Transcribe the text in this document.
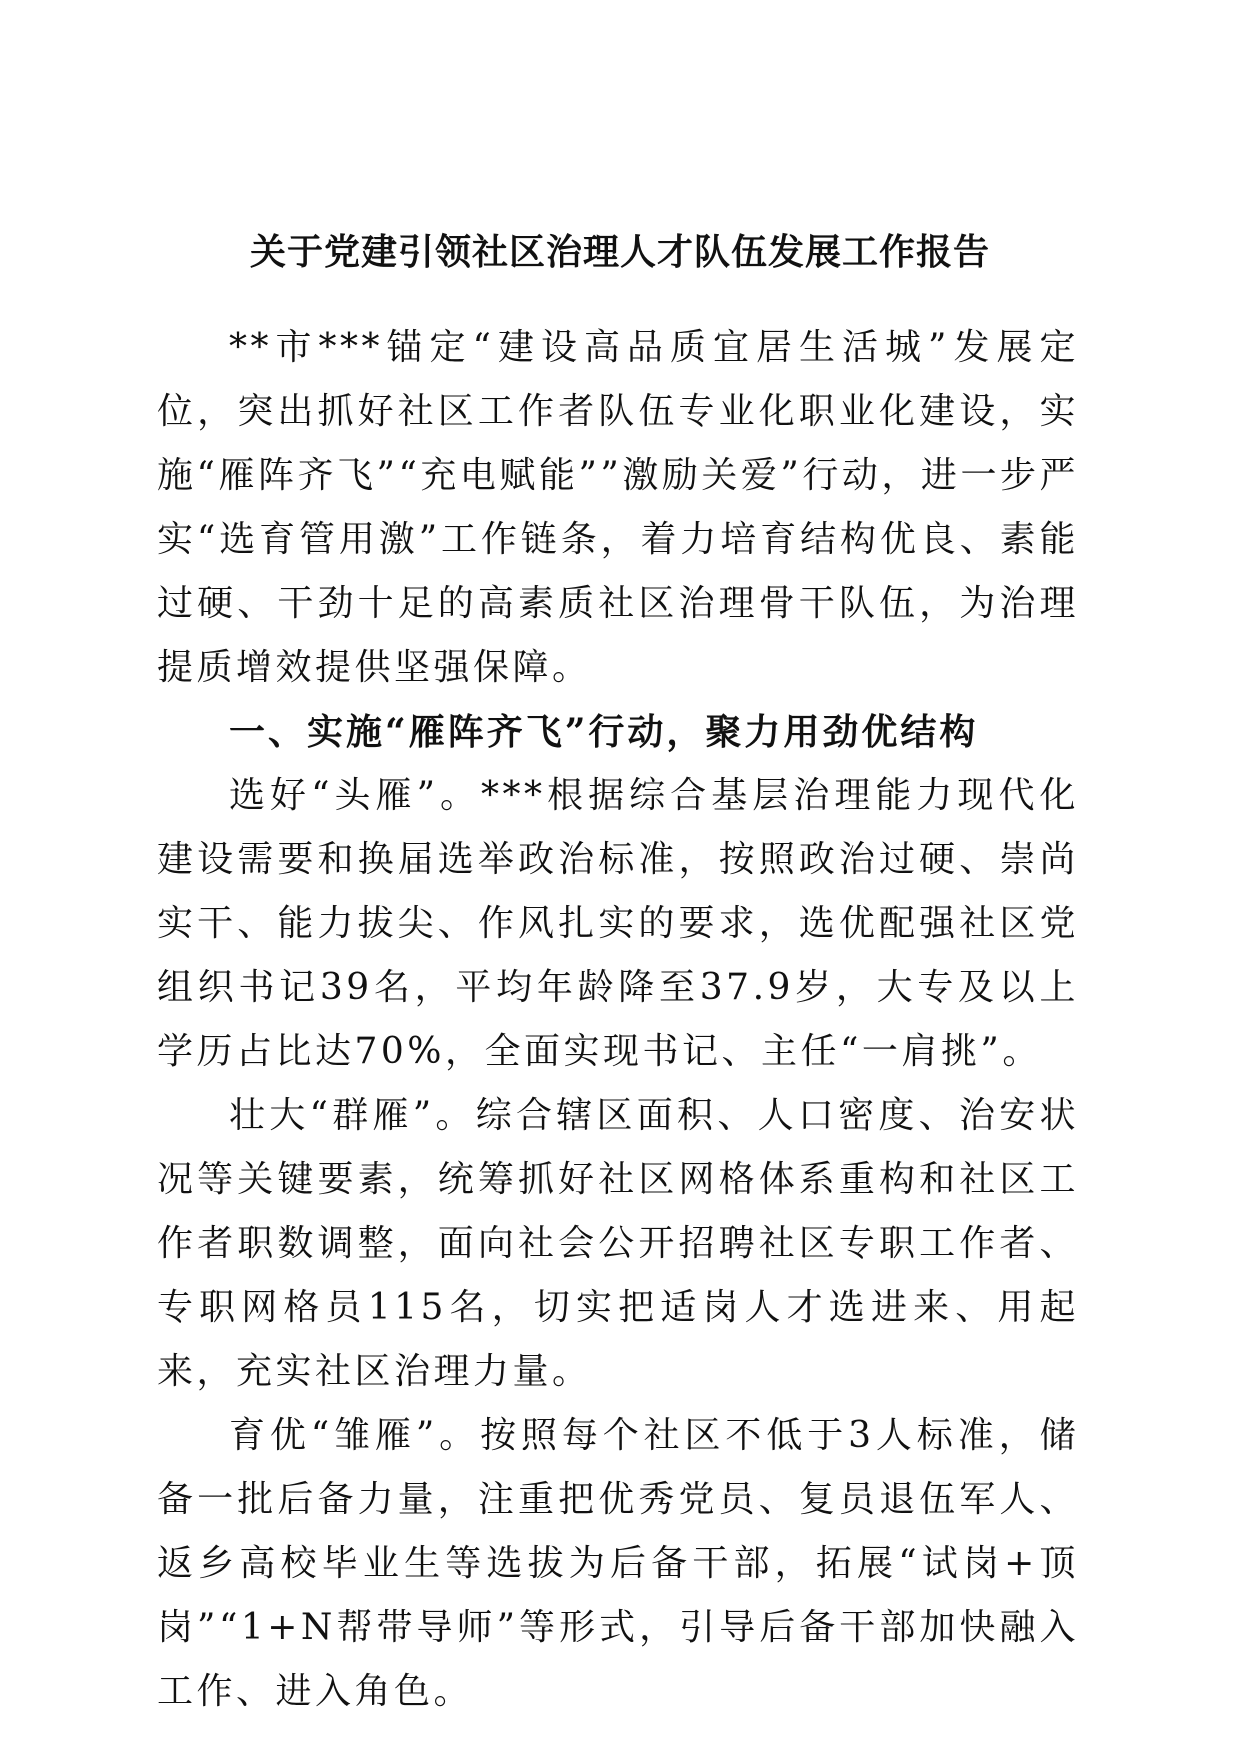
关于党建引领社区治理人才队伍发展工作报告

**市***锚定“建设高品质宜居生活城”发展定位，突出抓好社区工作者队伍专业化职业化建设，实施“雁阵齐飞”“充电赋能””激励关爱”行动，进一步严实“选育管用激”工作链条，着力培育结构优良、素能过硬、干劲十足的高素质社区治理骨干队伍，为治理提质增效提供坚强保障。

一、实施“雁阵齐飞”行动，聚力用劲优结构

选好“头雁”。***根据综合基层治理能力现代化建设需要和换届选举政治标准，按照政治过硬、崇尚实干、能力拔尖、作风扎实的要求，选优配强社区党组织书记39名，平均年龄降至37.9岁，大专及以上学历占比达70%，全面实现书记、主任“一肩挑”。

壮大“群雁”。综合辖区面积、人口密度、治安状况等关键要素，统筹抓好社区网格体系重构和社区工作者职数调整，面向社会公开招聘社区专职工作者、专职网格员115名，切实把适岗人才选进来、用起来，充实社区治理力量。

育优“雏雁”。按照每个社区不低于3人标准，储备一批后备力量，注重把优秀党员、复员退伍军人、返乡高校毕业生等选拔为后备干部，拓展“试岗+顶岗”“1+N帮带导师”等形式，引导后备干部加快融入工作、进入角色。
